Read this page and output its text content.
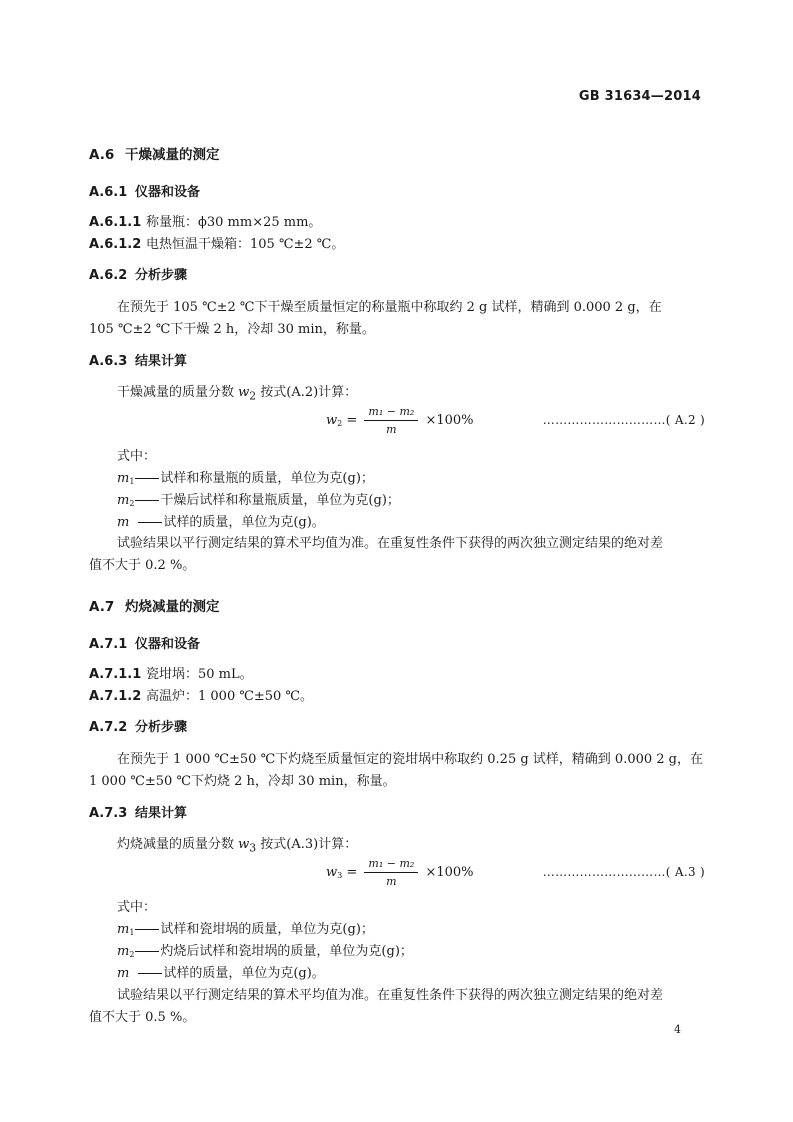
GB 31634—2014
A.6 干燥减量的测定
A.6.1 仪器和设备
A.6.1.1 称量瓶：ϕ30 mm×25 mm。
A.6.1.2 电热恒温干燥箱：105 ℃±2 ℃。
A.6.2 分析步骤
在预先于 105 ℃±2 ℃下干燥至质量恒定的称量瓶中称取约 2 g 试样，精确到 0.000 2 g，在
105 ℃±2 ℃下干燥 2 h，冷却 30 min，称量。
A.6.3 结果计算
干燥减量的质量分数 $w_2$ 按式(A.2)计算：
$w_2 = \frac{\text{m₁ − m₂}}{m} \times 100\%$	…………………………( A.2 )
式中：
$m_1$ 试样和称量瓶的质量，单位为克(g)；
$m_2$ 干燥后试样和称量瓶质量，单位为克(g)；
m	试样的质量，单位为克(g)。
试验结果以平行测定结果的算术平均值为准。在重复性条件下获得的两次独立测定结果的绝对差
值不大于 0.2 %。
A.7 灼烧减量的测定
A.7.1 仪器和设备
A.7.1.1 瓷坩埚：50 mL。
A.7.1.2 高温炉：1 000 ℃±50 ℃。
A.7.2 分析步骤
在预先于 1 000 ℃±50 ℃下灼烧至质量恒定的瓷坩埚中称取约 0.25 g 试样，精确到 0.000 2 g，在
1 000 ℃±50 ℃下灼烧 2 h，冷却 30 min，称量。
A.7.3 结果计算
灼烧减量的质量分数 $w_3$ 按式(A.3)计算：
$w_3 = \frac{\text{m₁ − m₂}}{m} \times 100\%$	…………………………( A.3 )
式中：
$m_1$ 试样和瓷坩埚的质量，单位为克(g)；
$m_2$ 灼烧后试样和瓷坩埚的质量，单位为克(g)；
m	试样的质量，单位为克(g)。
试验结果以平行测定结果的算术平均值为准。在重复性条件下获得的两次独立测定结果的绝对差
值不大于 0.5 %。
4
